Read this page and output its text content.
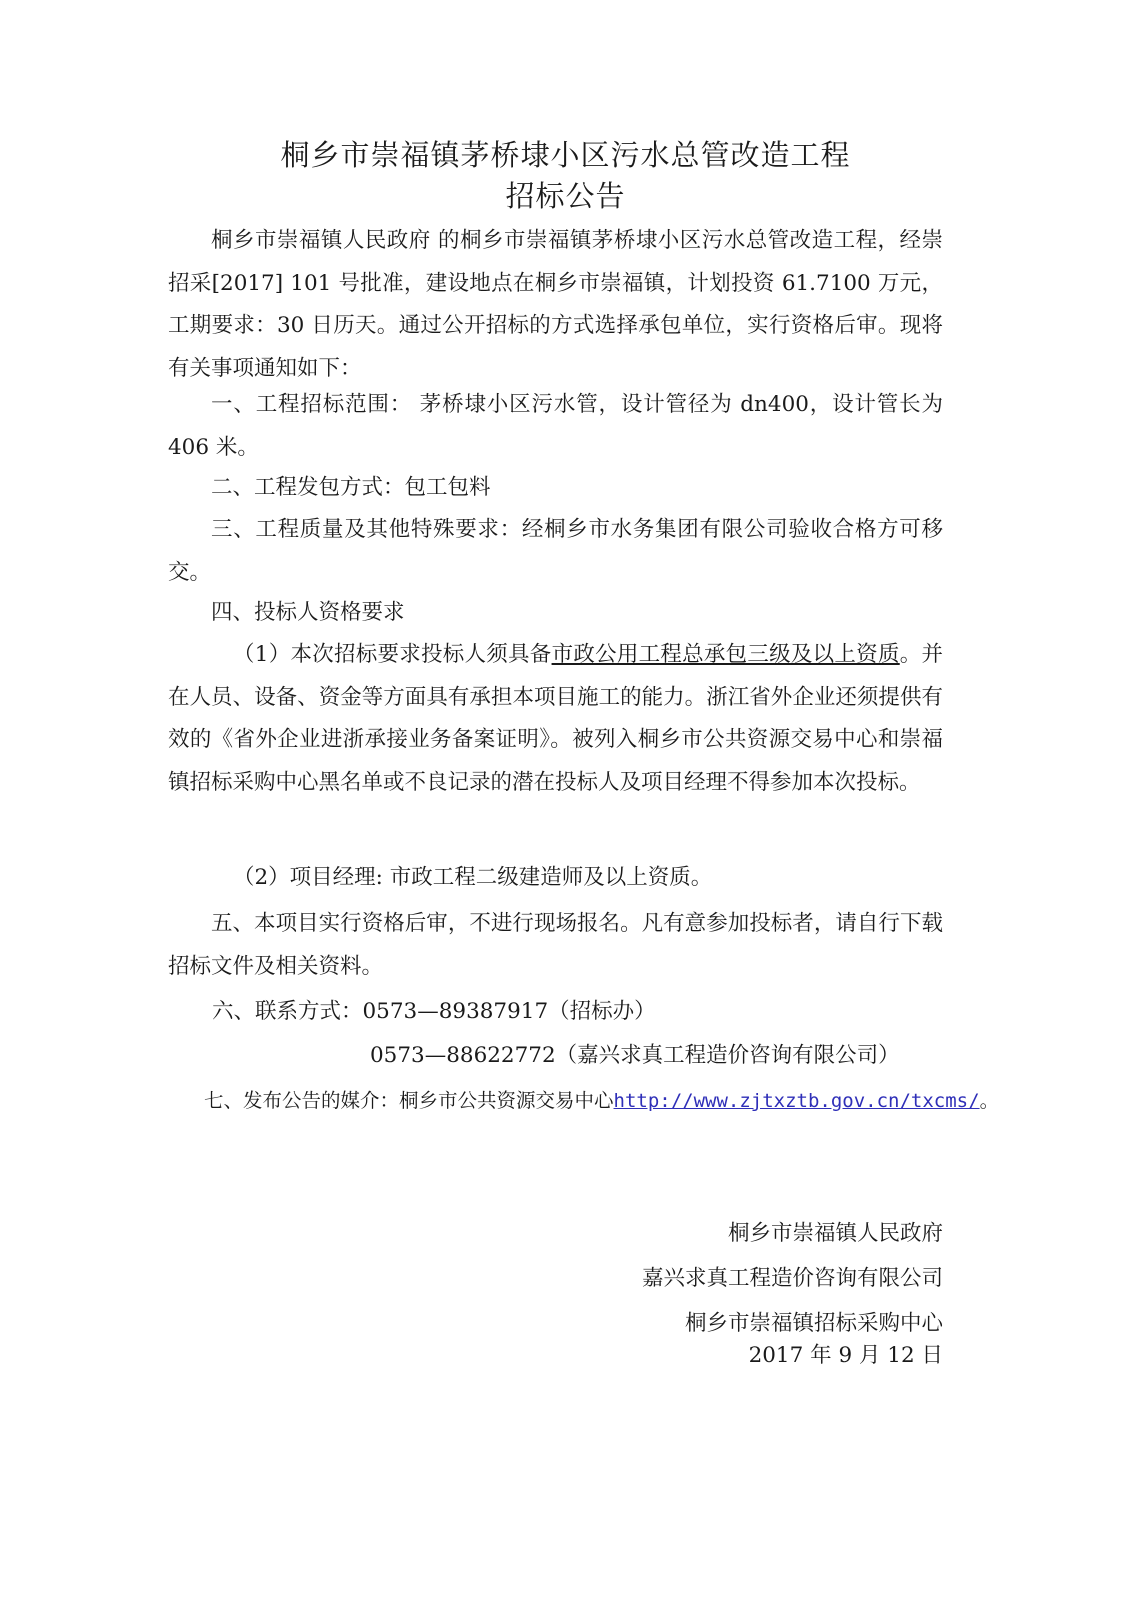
桐乡市崇福镇茅桥埭小区污水总管改造工程
招标公告
桐乡市崇福镇人民政府 的桐乡市崇福镇茅桥埭小区污水总管改造工程，经崇招采[2017] 101 号批准，建设地点在桐乡市崇福镇，计划投资 61.7100 万元，工期要求：30 日历天。通过公开招标的方式选择承包单位，实行资格后审。现将有关事项通知如下：
一、工程招标范围： 茅桥埭小区污水管，设计管径为 dn400，设计管长为 406 米。
二、工程发包方式：包工包料
三、工程质量及其他特殊要求：经桐乡市水务集团有限公司验收合格方可移交。
四、投标人资格要求
（1）本次招标要求投标人须具备市政公用工程总承包三级及以上资质。并在人员、设备、资金等方面具有承担本项目施工的能力。浙江省外企业还须提供有效的《省外企业进浙承接业务备案证明》。被列入桐乡市公共资源交易中心和崇福镇招标采购中心黑名单或不良记录的潜在投标人及项目经理不得参加本次投标。
（2）项目经理: 市政工程二级建造师及以上资质。
五、本项目实行资格后审，不进行现场报名。凡有意参加投标者，请自行下载招标文件及相关资料。
六、联系方式：0573—89387917（招标办）
0573—88622772（嘉兴求真工程造价咨询有限公司）
七、发布公告的媒介：桐乡市公共资源交易中心http://www.zjtxztb.gov.cn/txcms/。
桐乡市崇福镇人民政府
嘉兴求真工程造价咨询有限公司
桐乡市崇福镇招标采购中心
2017 年 9 月 12 日
